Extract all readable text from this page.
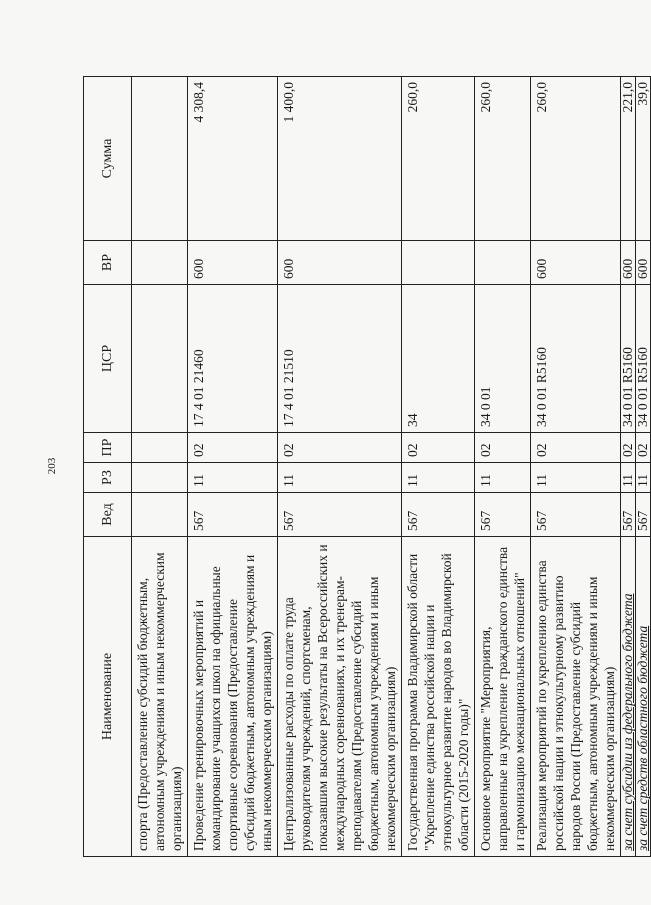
203
Наименование	Вед	РЗ	ПР	ЦСР	ВР	Сумма
спорта (Предоставление субсидий бюджетным, автономным учреждениям и иным некоммерческим организациям)						
Проведение тренировочных мероприятий и командирование учащихся школ на официальные спортивные соревнования (Предоставление субсидий бюджетным, автономным учреждениям и иным некоммерческим организациям)	567	11	02	17 4 01 21460	600	4 308,4
Централизованные расходы по оплате труда руководителям учреждений, спортсменам, показавшим высокие результаты на Всероссийских и международных соревнованиях, и их тренерам-преподавателям (Предоставление субсидий бюджетным, автономным учреждениям и иным некоммерческим организациям)	567	11	02	17 4 01 21510	600	1 400,0
Государственная программа Владимирской области "Укрепление единства российской нации и этнокультурное развитие народов во Владимирской области (2015-2020 годы)"	567	11	02	34		260,0
Основное мероприятие "Мероприятия, направленные на укрепление гражданского единства и гармонизацию межнациональных отношений"	567	11	02	34 0 01		260,0
Реализация мероприятий по укреплению единства российской нации и этнокультурному развитию народов России (Предоставление субсидий бюджетным, автономным учреждениям и иным некоммерческим организациям)	567	11	02	34 0 01 R5160	600	260,0
за счет субсидии из федерального бюджета	567	11	02	34 0 01 R5160	600	221,0
за счет средств областного бюджета	567	11	02	34 0 01 R5160	600	39,0
